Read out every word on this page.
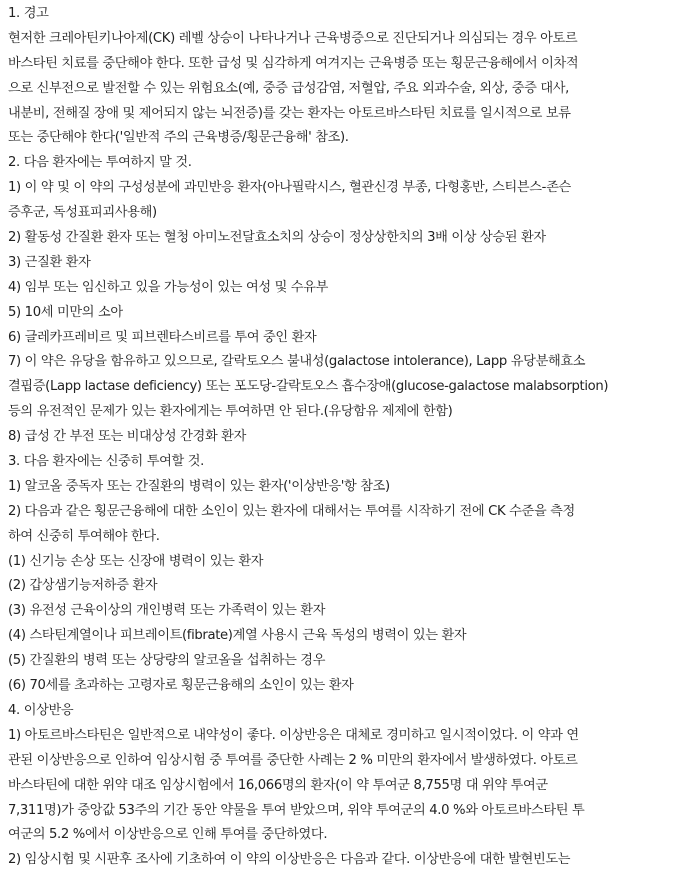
1. 경고
현저한 크레아틴키나아제(CK) 레벨 상승이 나타나거나 근육병증으로 진단되거나 의심되는 경우 아토르
바스타틴 치료를 중단해야 한다. 또한 급성 및 심각하게 여겨지는 근육병증 또는 횡문근융해에서 이차적
으로 신부전으로 발전할 수 있는 위험요소(예, 중증 급성감염, 저혈압, 주요 외과수술, 외상, 중증 대사,
내분비, 전해질 장애 및 제어되지 않는 뇌전증)를 갖는 환자는 아토르바스타틴 치료를 일시적으로 보류
또는 중단해야 한다('일반적 주의 근육병증/횡문근융해' 참조).
2. 다음 환자에는 투여하지 말 것.
1) 이 약 및 이 약의 구성성분에 과민반응 환자(아나필락시스, 혈관신경 부종, 다형홍반, 스티븐스-존슨
증후군, 독성표피괴사용해)
2) 활동성 간질환 환자 또는 혈청 아미노전달효소치의 상승이 정상상한치의 3배 이상 상승된 환자
3) 근질환 환자
4) 임부 또는 임신하고 있을 가능성이 있는 여성 및 수유부
5) 10세 미만의 소아
6) 글레카프레비르 및 피브렌타스비르를 투여 중인 환자
7) 이 약은 유당을 함유하고 있으므로, 갈락토오스 불내성(galactose intolerance), Lapp 유당분해효소
결핍증(Lapp lactase deficiency) 또는 포도당-갈락토오스 흡수장애(glucose-galactose malabsorption)
등의 유전적인 문제가 있는 환자에게는 투여하면 안 된다.(유당함유 제제에 한함)
8) 급성 간 부전 또는 비대상성 간경화 환자
3. 다음 환자에는 신중히 투여할 것.
1) 알코올 중독자 또는 간질환의 병력이 있는 환자('이상반응'항 참조)
2) 다음과 같은 횡문근융해에 대한 소인이 있는 환자에 대해서는 투여를 시작하기 전에 CK 수준을 측정
하여 신중히 투여해야 한다.
(1) 신기능 손상 또는 신장애 병력이 있는 환자
(2) 갑상샘기능저하증 환자
(3) 유전성 근육이상의 개인병력 또는 가족력이 있는 환자
(4) 스타틴계열이나 피브레이트(fibrate)계열 사용시 근육 독성의 병력이 있는 환자
(5) 간질환의 병력 또는 상당량의 알코올을 섭취하는 경우
(6) 70세를 초과하는 고령자로 횡문근융해의 소인이 있는 환자
4. 이상반응
1) 아토르바스타틴은 일반적으로 내약성이 좋다. 이상반응은 대체로 경미하고 일시적이었다. 이 약과 연
관된 이상반응으로 인하여 임상시험 중 투여를 중단한 사례는 2 % 미만의 환자에서 발생하였다. 아토르
바스타틴에 대한 위약 대조 임상시험에서 16,066명의 환자(이 약 투여군 8,755명 대 위약 투여군
7,311명)가 중앙값 53주의 기간 동안 약물을 투여 받았으며, 위약 투여군의 4.0 %와 아토르바스타틴 투
여군의 5.2 %에서 이상반응으로 인해 투여를 중단하였다.
2) 임상시험 및 시판후 조사에 기초하여 이 약의 이상반응은 다음과 같다. 이상반응에 대한 발현빈도는
